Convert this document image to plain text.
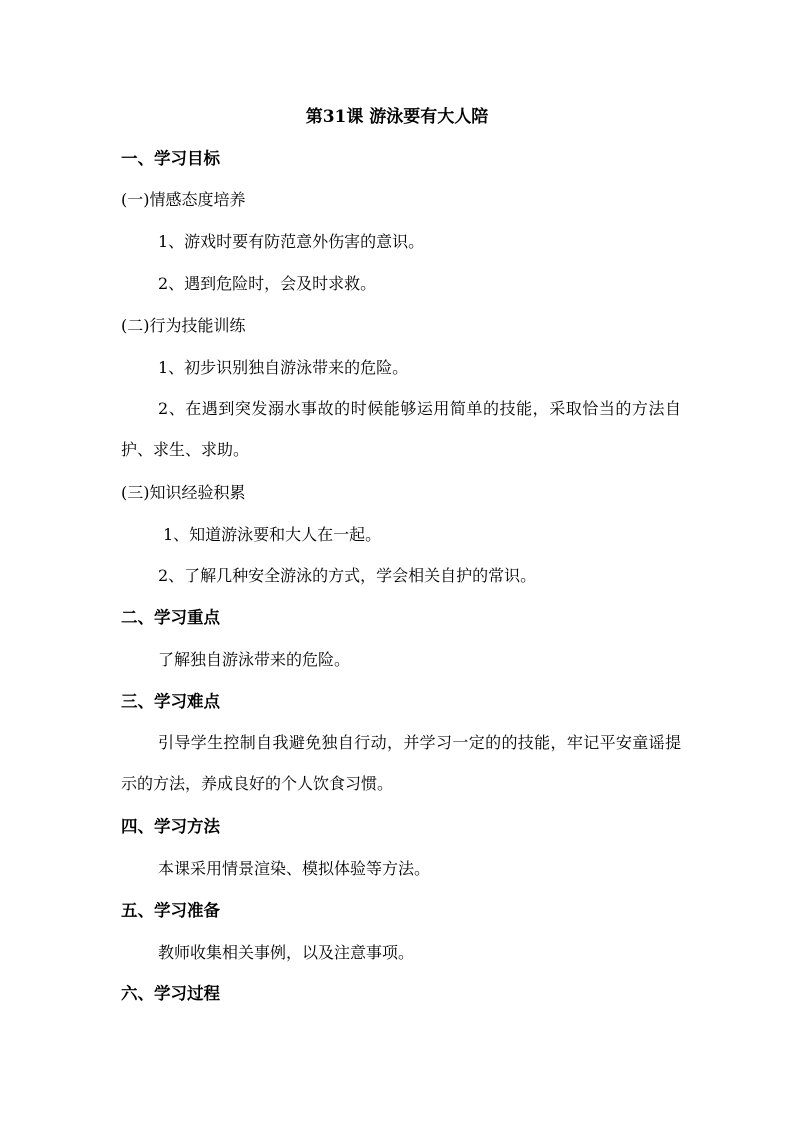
第31课 游泳要有大人陪
一、学习目标
(一)情感态度培养
1、游戏时要有防范意外伤害的意识。
2、遇到危险时，会及时求救。
(二)行为技能训练
1、初步识别独自游泳带来的危险。
2、在遇到突发溺水事故的时候能够运用简单的技能，采取恰当的方法自护、求生、求助。
(三)知识经验积累
1、知道游泳要和大人在一起。
2、了解几种安全游泳的方式，学会相关自护的常识。
二、学习重点
了解独自游泳带来的危险。
三、学习难点
引导学生控制自我避免独自行动，并学习一定的的技能，牢记平安童谣提示的方法，养成良好的个人饮食习惯。
四、学习方法
本课采用情景渲染、模拟体验等方法。
五、学习准备
教师收集相关事例，以及注意事项。
六、学习过程
